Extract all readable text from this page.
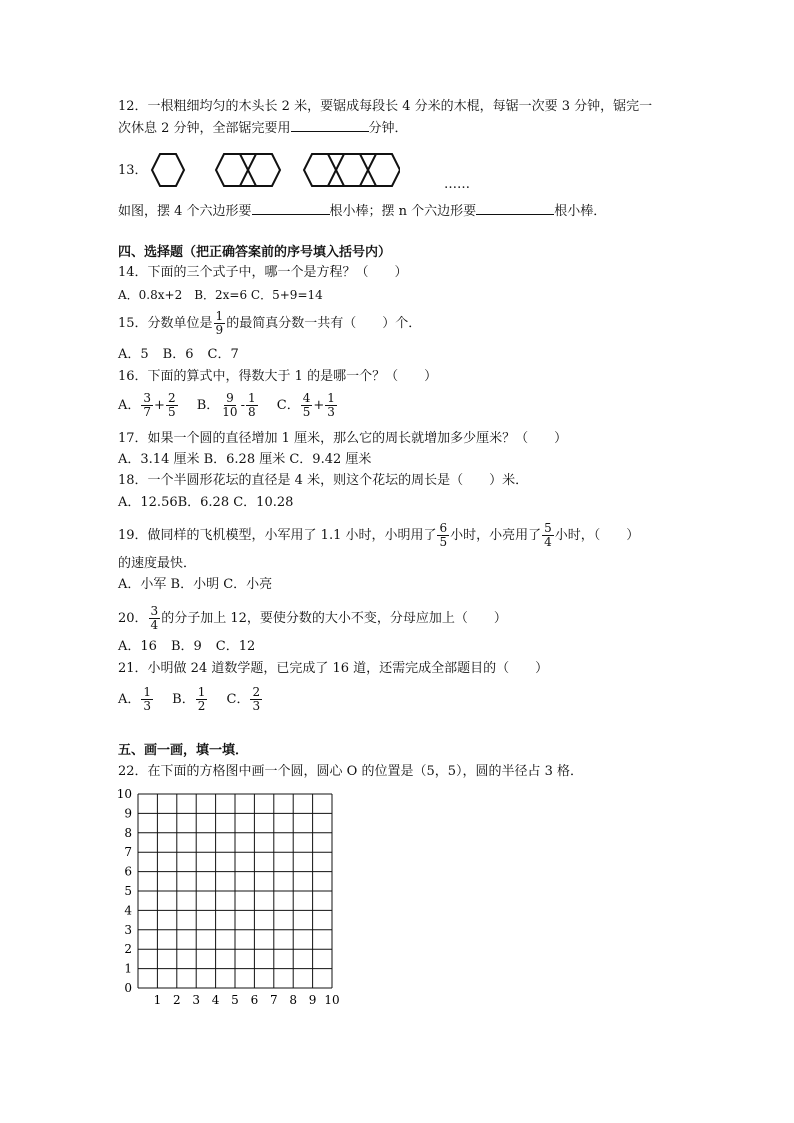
12．一根粗细均匀的木头长 2 米，要锯成每段长 4 分米的木棍，每锯一次要 3 分钟，锯完一
次休息 2 分钟，全部锯完要用	分钟．
13．
……
如图，摆 4 个六边形要	根小棒；摆 n 个六边形要	根小棒．
四、选择题（把正确答案前的序号填入括号内）
14．下面的三个式子中，哪一个是方程？（　　）
A．0.8x+2　B．2x=6 C．5+9=14
15．分数单位是 $\frac{1}{9}$ 的最简真分数一共有（　　）个．
A．5 B．6 C．7
16．下面的算式中，得数大于 1 的是哪一个？（　　）
A． $\frac{3}{7} + \frac{2}{5}$ B． $\frac{9}{10} - \frac{1}{8}$ C． $\frac{4}{5} + \frac{1}{3}$
17．如果一个圆的直径增加 1 厘米，那么它的周长就增加多少厘米？（　　）
A．3.14 厘米 B．6.28 厘米 C．9.42 厘米
18．一个半圆形花坛的直径是 4 米，则这个花坛的周长是（　　）米．
A．12.56B．6.28 C．10.28
19．做同样的飞机模型，小军用了 1.1 小时，小明用了 $\frac{6}{5}$ 小时，小亮用了 $\frac{5}{4}$ 小时，（　　）
的速度最快．
A．小军 B．小明 C．小亮
20． $\frac{3}{4}$ 的分子加上 12，要使分数的大小不变，分母应加上（　　）
A．16 B．9 C．12
21．小明做 24 道数学题，已完成了 16 道，还需完成全部题目的（　　）
A． $\frac{1}{3}$ B． $\frac{1}{2}$ C． $\frac{2}{3}$
五、画一画，填一填．
22．在下面的方格图中画一个圆，圆心 O 的位置是（5，5），圆的半径占 3 格．
10
9
8
7
6
5
4
3
2
1
0
1 2 3 4 5 6 7 8 9 10
